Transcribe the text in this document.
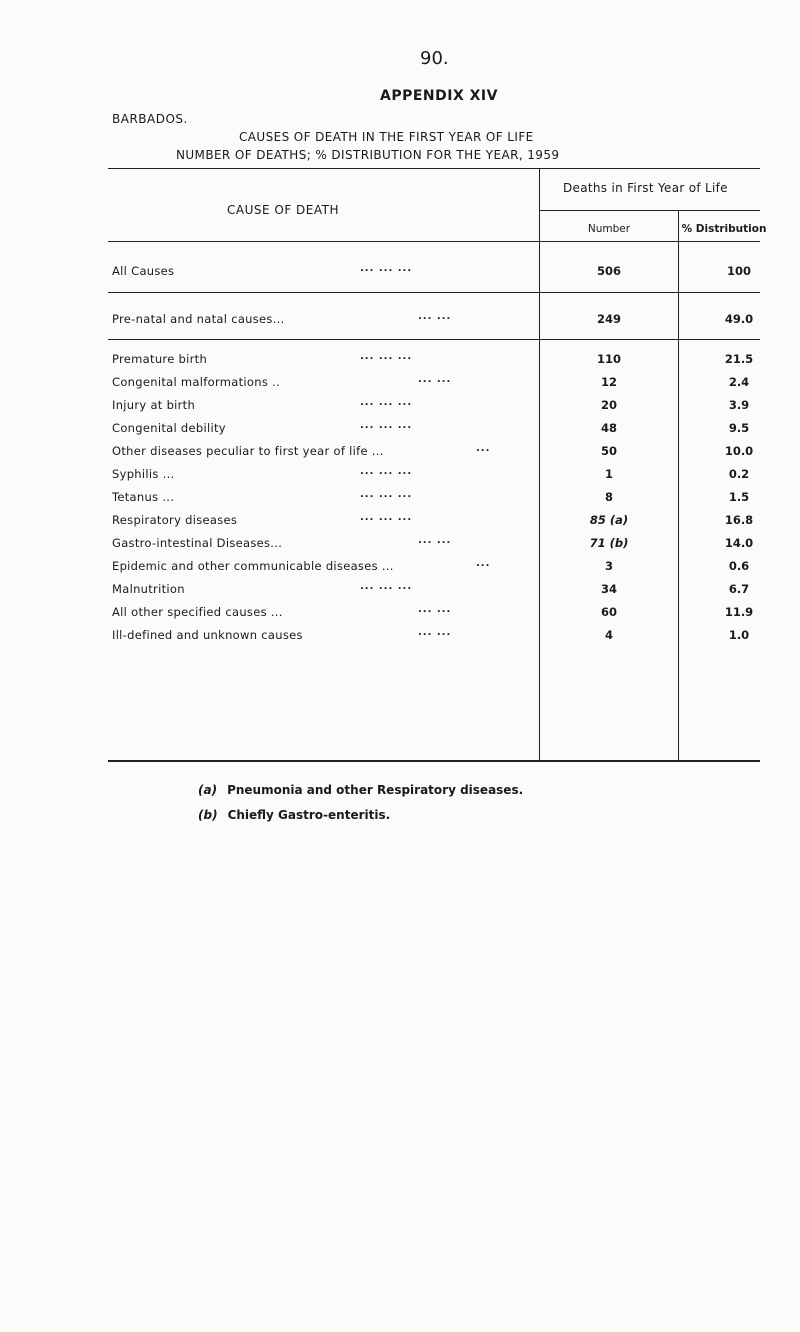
90.
APPENDIX XIV
BARBADOS.
CAUSES OF DEATH IN THE FIRST YEAR OF LIFE
NUMBER OF DEATHS; % DISTRIBUTION FOR THE YEAR, 1959
CAUSE OF DEATH
Deaths in First Year of Life
Number	% Distribution
All Causes	... ... ...	506	100
Pre-natal and natal causes...	... ...	249	49.0
Premature birth	... ... ...	110	21.5
Congenital malformations ..	... ...	12	2.4
Injury at birth	... ... ...	20	3.9
Congenital debility	... ... ...	48	9.5
Other diseases peculiar to first year of life ...	...	50	10.0
Syphilis ...	... ... ...	1	0.2
Tetanus ...	... ... ...	8	1.5
Respiratory diseases	... ... ...	85 (a)	16.8
Gastro-intestinal Diseases...	... ...	71 (b)	14.0
Epidemic and other communicable diseases ...	...	3	0.6
Malnutrition	... ... ...	34	6.7
All other specified causes ...	... ...	60	11.9
Ill-defined and unknown causes	... ...	4	1.0
(a) Pneumonia and other Respiratory diseases.
(b) Chiefly Gastro-enteritis.
